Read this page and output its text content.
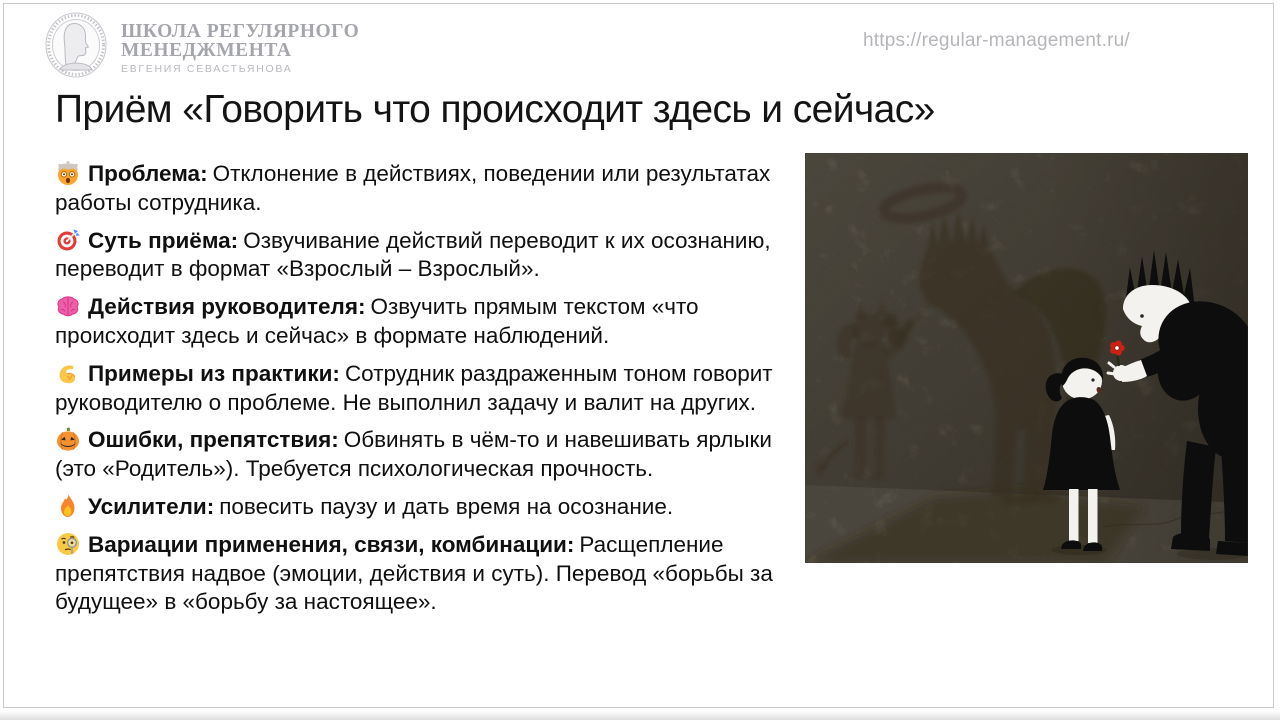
ШКОЛА РЕГУЛЯРНОГО
МЕНЕДЖМЕНТА
ЕВГЕНИЯ СЕВАСТЬЯНОВА
https://regular-management.ru/
Приём «Говорить что происходит здесь и сейчас»

Проблема: Отклонение в действиях, поведении или результатах работы сотрудника.

Суть приёма: Озвучивание действий переводит к их осознанию, переводит в формат «Взрослый – Взрослый».

Действия руководителя: Озвучить прямым текстом «что происходит здесь и сейчас» в формате наблюдений.

Примеры из практики: Сотрудник раздраженным тоном говорит руководителю о проблеме. Не выполнил задачу и валит на других.

Ошибки, препятствия: Обвинять в чём-то и навешивать ярлыки (это «Родитель»). Требуется психологическая прочность.

Усилители: повесить паузу и дать время на осознание.

Вариации применения, связи, комбинации: Расщепление препятствия надвое (эмоции, действия и суть). Перевод «борьбы за будущее» в «борьбу за настоящее».
